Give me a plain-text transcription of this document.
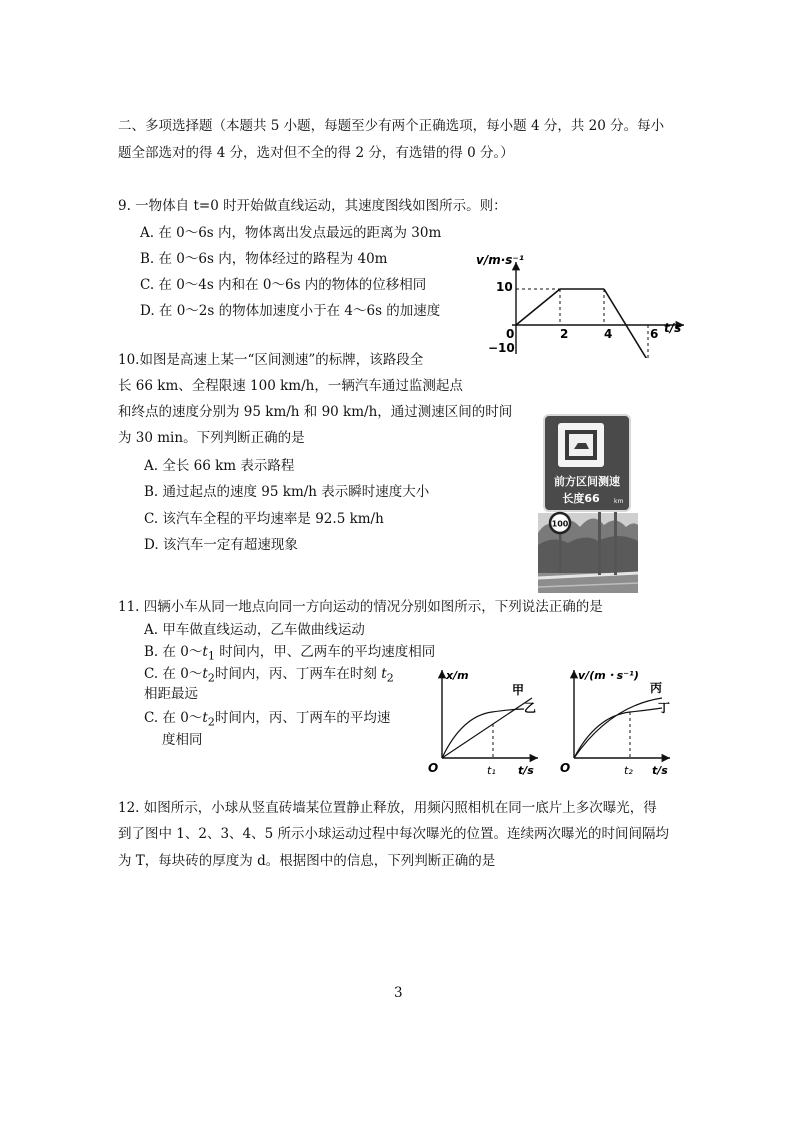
二、多项选择题（本题共 5 小题，每题至少有两个正确选项，每小题 4 分，共 20 分。每小
题全部选对的得 4 分，选对但不全的得 2 分，有选错的得 0 分。）
9. 一物体自 t=0 时开始做直线运动，其速度图线如图所示。则：
A. 在 0～6s 内，物体离出发点最远的距离为 30m
B. 在 0～6s 内，物体经过的路程为 40m
C. 在 0～4s 内和在 0～6s 内的物体的位移相同
D. 在 0～2s 的物体加速度小于在 4～6s 的加速度
v/m·s⁻¹
t/s
0
10
−10
2	4	6
10.如图是高速上某一“区间测速”的标牌，该路段全
长 66 km、全程限速 100 km/h，一辆汽车通过监测起点
和终点的速度分别为 95 km/h 和 90 km/h，通过测速区间的时间
为 30 min。下列判断正确的是
A. 全长 66 km 表示路程
B. 通过起点的速度 95 km/h 表示瞬时速度大小
C. 该汽车全程的平均速率是 92.5 km/h
D. 该汽车一定有超速现象
前方区间测速
长度66 km
100
11. 四辆小车从同一地点向同一方向运动的情况分别如图所示，下列说法正确的是
A. 甲车做直线运动，乙车做曲线运动
B. 在 $0\sim t_1$ 时间内，甲、乙两车的平均速度相同
C. 在 $0\sim t_2$时间内，丙、丁两车在时刻 $t_2$
相距最远
C. 在 $0\sim t_2$时间内，丙、丁两车的平均速
度相同
x/m
t/s
O	t₁
甲
乙
v/(m・s⁻¹)
t/s
O	t₂
丙
丁
12. 如图所示，小球从竖直砖墙某位置静止释放，用频闪照相机在同一底片上多次曝光，得
到了图中 1、2、3、4、5 所示小球运动过程中每次曝光的位置。连续两次曝光的时间间隔均
为 T，每块砖的厚度为 d。根据图中的信息，下列判断正确的是
3
